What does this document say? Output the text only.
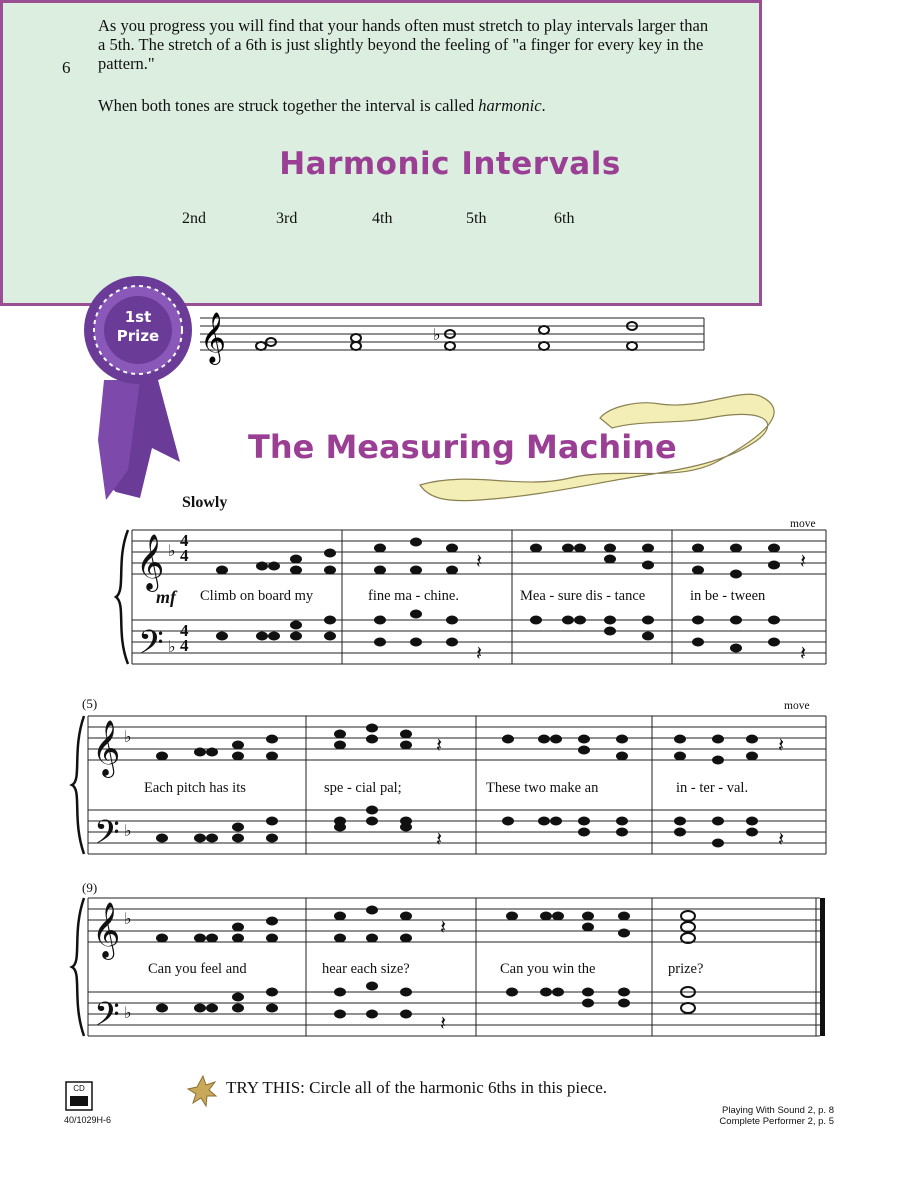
6
As you progress you will find that your hands often must stretch to play intervals larger than a 5th. The stretch of a 6th is just slightly beyond the feeling of "a finger for every key in the pattern."
When both tones are struck together the interval is called harmonic.
Harmonic Intervals
2nd	3rd	4th	5th	6th
𝄞	♭
𝄞
𝄢
𝄞
𝄢
𝄞
𝄢
♭
♭
♭
♭
♭
♭
4
4
4
4
𝄽
𝄽
𝄽
𝄽
𝄽
𝄽
𝄽
𝄽
𝄽
𝄽
1st
Prize
The Measuring Machine
Slowly
mf
(5)
(9)
move
move
Climb on board my	fine ma - chine.	Mea - sure dis - tance	in be - tween
Each pitch has its	spe - cial pal;	These two make an	in - ter - val.
Can you feel and	hear each size?	Can you win the	prize?
TRY THIS: Circle all of the harmonic 6ths in this piece.
Playing With Sound 2, p. 8
Complete Performer 2, p. 5
40/1029H-6
CD
